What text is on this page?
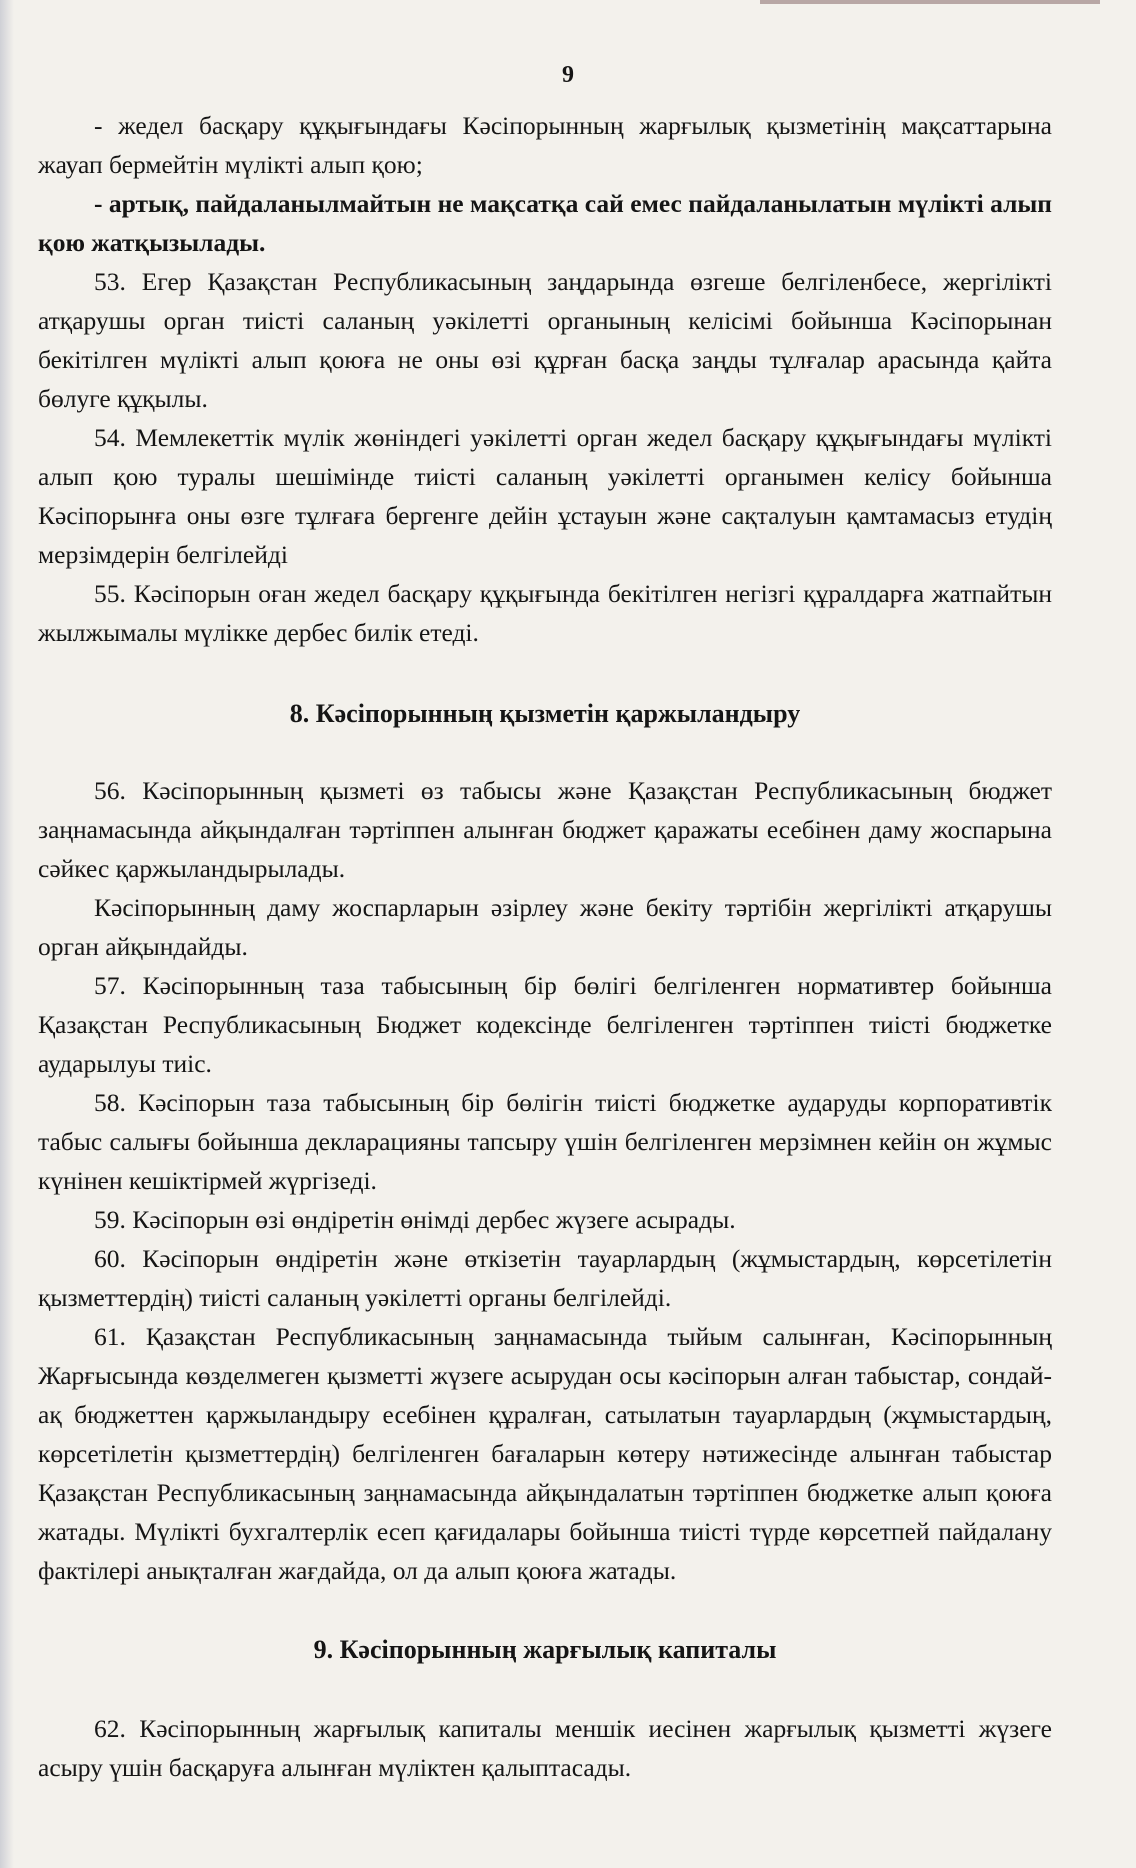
9

- жедел басқару құқығындағы Кәсіпорынның жарғылық қызметінің мақсаттарына жауап бермейтін мүлікті алып қою;

- артық, пайдаланылмайтын не мақсатқа сай емес пайдаланылатын мүлікті алып қою жатқызылады.

53. Егер Қазақстан Республикасының заңдарында өзгеше белгіленбесе, жергілікті атқарушы орган тиісті саланың уәкілетті органының келісімі бойынша Кәсіпорынан бекітілген мүлікті алып қоюға не оны өзі құрған басқа заңды тұлғалар арасында қайта бөлуге құқылы.

54. Мемлекеттік мүлік жөніндегі уәкілетті орган жедел басқару құқығындағы мүлікті алып қою туралы шешімінде тиісті саланың уәкілетті органымен келісу бойынша Кәсіпорынға оны өзге тұлғаға бергенге дейін ұстауын және сақталуын қамтамасыз етудің мерзімдерін белгілейді

55. Кәсіпорын оған жедел басқару құқығында бекітілген негізгі құралдарға жатпайтын жылжымалы мүлікке дербес билік етеді.

8. Кәсіпорынның қызметін қаржыландыру

56. Кәсіпорынның қызметі өз табысы және Қазақстан Республикасының бюджет заңнамасында айқындалған тәртіппен алынған бюджет қаражаты есебінен даму жоспарына сәйкес қаржыландырылады.

Кәсіпорынның даму жоспарларын әзірлеу және бекіту тәртібін жергілікті атқарушы орган айқындайды.

57. Кәсіпорынның таза табысының бір бөлігі белгіленген нормативтер бойынша Қазақстан Республикасының Бюджет кодексінде белгіленген тәртіппен тиісті бюджетке аударылуы тиіс.

58. Кәсіпорын таза табысының бір бөлігін тиісті бюджетке аударуды корпоративтік табыс салығы бойынша декларацияны тапсыру үшін белгіленген мерзімнен кейін он жұмыс күнінен кешіктірмей жүргізеді.

59. Кәсіпорын өзі өндіретін өнімді дербес жүзеге асырады.

60. Кәсіпорын өндіретін және өткізетін тауарлардың (жұмыстардың, көрсетілетін қызметтердің) тиісті саланың уәкілетті органы белгілейді.

61. Қазақстан Республикасының заңнамасында тыйым салынған, Кәсіпорынның Жарғысында көзделмеген қызметті жүзеге асырудан осы кәсіпорын алған табыстар, сондай-ақ бюджеттен қаржыландыру есебінен құралған, сатылатын тауарлардың (жұмыстардың, көрсетілетін қызметтердің) белгіленген бағаларын көтеру нәтижесінде алынған табыстар Қазақстан Республикасының заңнамасында айқындалатын тәртіппен бюджетке алып қоюға жатады. Мүлікті бухгалтерлік есеп қағидалары бойынша тиісті түрде көрсетпей пайдалану фактілері анықталған жағдайда, ол да алып қоюға жатады.

9. Кәсіпорынның жарғылық капиталы

62. Кәсіпорынның жарғылық капиталы меншік иесінен жарғылық қызметті жүзеге асыру үшін басқаруға алынған мүліктен қалыптасады.
